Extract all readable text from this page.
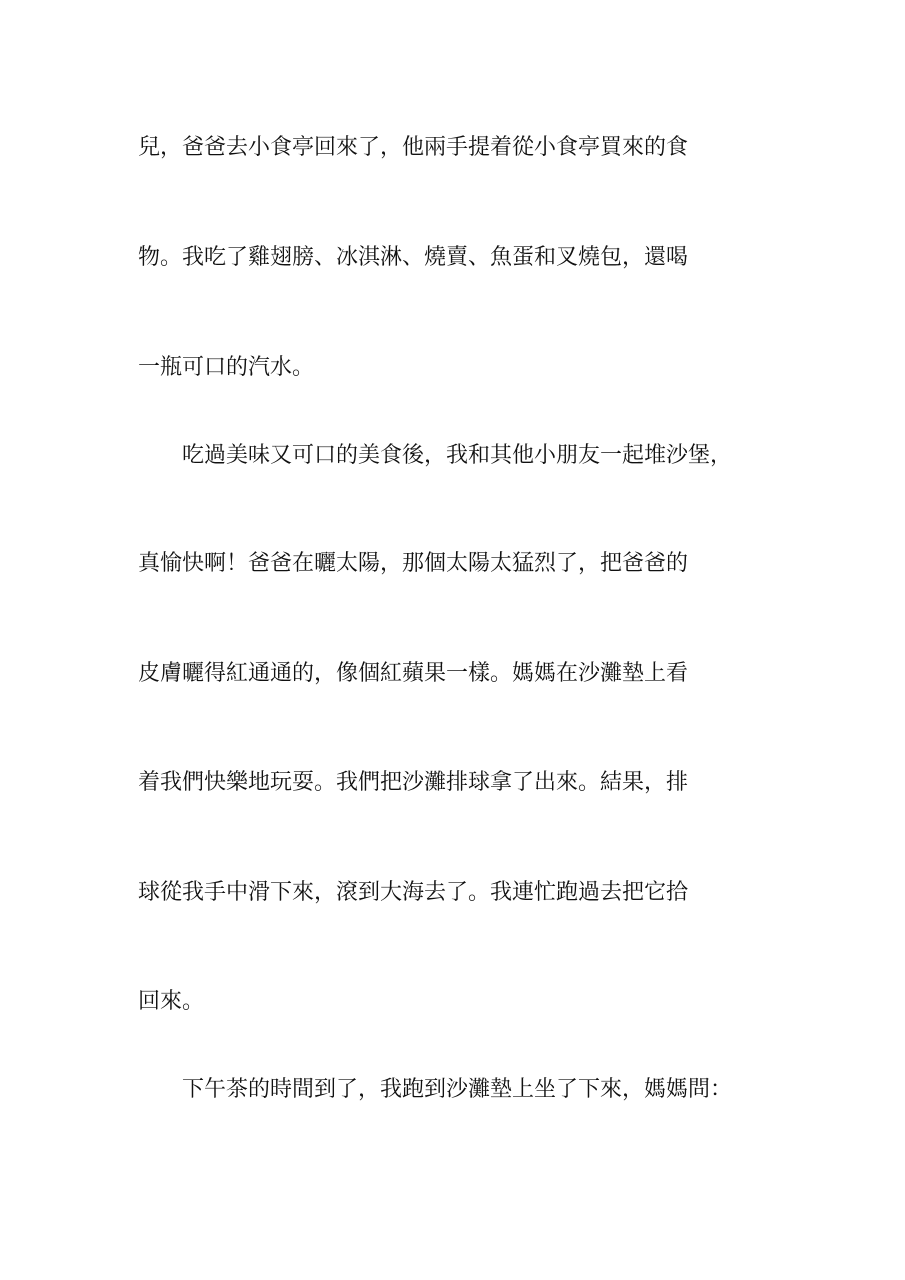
兒，爸爸去小食亭回來了，他兩手提着從小食亭買來的食

物。我吃了雞翅膀、冰淇淋、燒賣、魚蛋和叉燒包，還喝

一瓶可口的汽水。

吃過美味又可口的美食後，我和其他小朋友一起堆沙堡，

真愉快啊！爸爸在曬太陽，那個太陽太猛烈了，把爸爸的

皮膚曬得紅通通的，像個紅蘋果一樣。媽媽在沙灘墊上看

着我們快樂地玩耍。我們把沙灘排球拿了出來。結果，排

球從我手中滑下來，滾到大海去了。我連忙跑過去把它拾

回來。

下午茶的時間到了，我跑到沙灘墊上坐了下來，媽媽問：
